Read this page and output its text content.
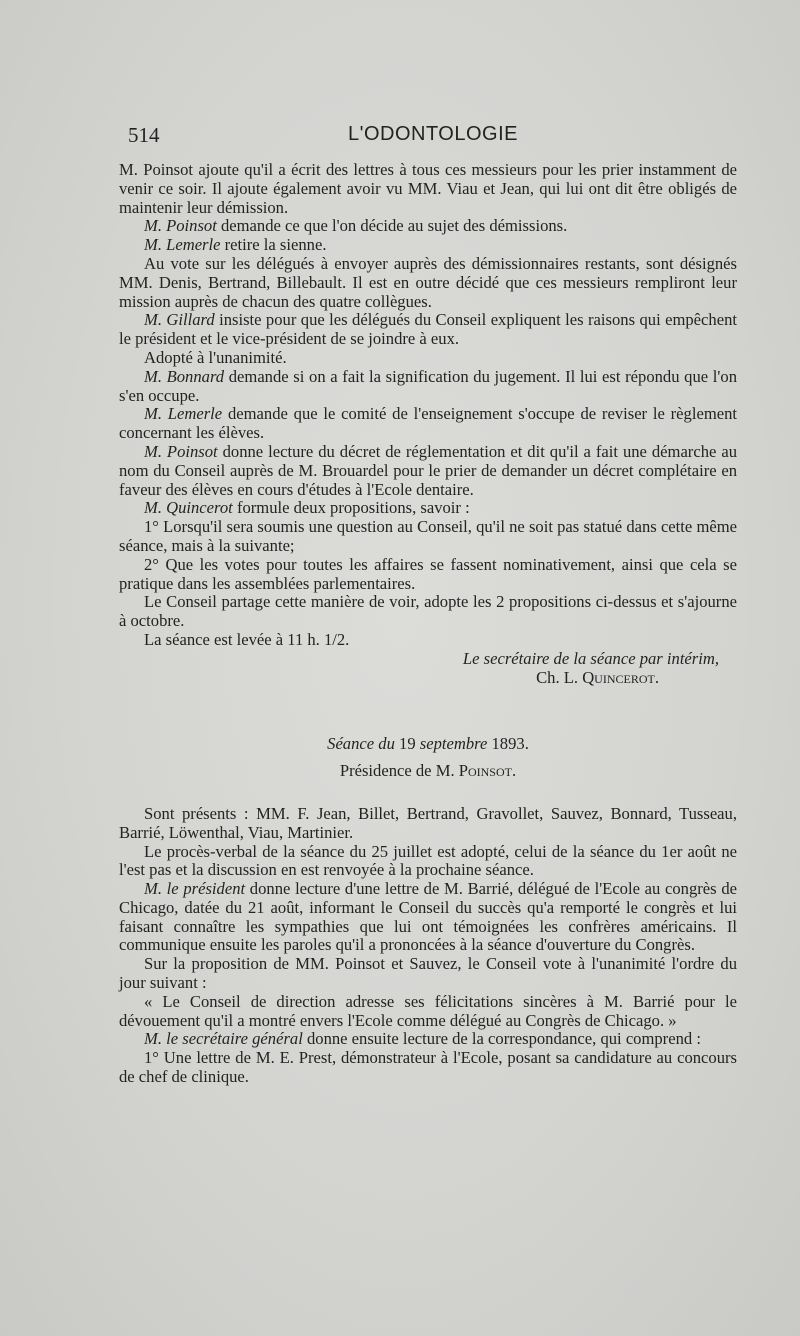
514	L'ODONTOLOGIE

M. Poinsot ajoute qu'il a écrit des lettres à tous ces messieurs pour les prier instamment de venir ce soir. Il ajoute également avoir vu MM. Viau et Jean, qui lui ont dit être obligés de maintenir leur démission.

M. Poinsot demande ce que l'on décide au sujet des démissions.

M. Lemerle retire la sienne.

Au vote sur les délégués à envoyer auprès des démissionnaires restants, sont désignés MM. Denis, Bertrand, Billebault. Il est en outre décidé que ces messieurs rempliront leur mission auprès de chacun des quatre collègues.

M. Gillard insiste pour que les délégués du Conseil expliquent les raisons qui empêchent le président et le vice-président de se joindre à eux.

Adopté à l'unanimité.

M. Bonnard demande si on a fait la signification du jugement. Il lui est répondu que l'on s'en occupe.

M. Lemerle demande que le comité de l'enseignement s'occupe de reviser le règlement concernant les élèves.

M. Poinsot donne lecture du décret de réglementation et dit qu'il a fait une démarche au nom du Conseil auprès de M. Brouardel pour le prier de demander un décret complétaire en faveur des élèves en cours d'études à l'Ecole dentaire.

M. Quincerot formule deux propositions, savoir :

1° Lorsqu'il sera soumis une question au Conseil, qu'il ne soit pas statué dans cette même séance, mais à la suivante;

2° Que les votes pour toutes les affaires se fassent nominativement, ainsi que cela se pratique dans les assemblées parlementaires.

Le Conseil partage cette manière de voir, adopte les 2 propositions ci-dessus et s'ajourne à octobre.

La séance est levée à 11 h. 1/2.

Le secrétaire de la séance par intérim,
Ch. L. Quincerot.
Séance du 19 septembre 1893.
Présidence de M. Poinsot.

Sont présents : MM. F. Jean, Billet, Bertrand, Gravollet, Sauvez, Bonnard, Tusseau, Barrié, Löwenthal, Viau, Martinier.

Le procès-verbal de la séance du 25 juillet est adopté, celui de la séance du 1er août ne l'est pas et la discussion en est renvoyée à la prochaine séance.

M. le président donne lecture d'une lettre de M. Barrié, délégué de l'Ecole au congrès de Chicago, datée du 21 août, informant le Conseil du succès qu'a remporté le congrès et lui faisant connaître les sympathies que lui ont témoignées les confrères américains. Il communique ensuite les paroles qu'il a prononcées à la séance d'ouverture du Congrès.

Sur la proposition de MM. Poinsot et Sauvez, le Conseil vote à l'unanimité l'ordre du jour suivant :

« Le Conseil de direction adresse ses félicitations sincères à M. Barrié pour le dévouement qu'il a montré envers l'Ecole comme délégué au Congrès de Chicago. »

M. le secrétaire général donne ensuite lecture de la correspondance, qui comprend :

1° Une lettre de M. E. Prest, démonstrateur à l'Ecole, posant sa candidature au concours de chef de clinique.
